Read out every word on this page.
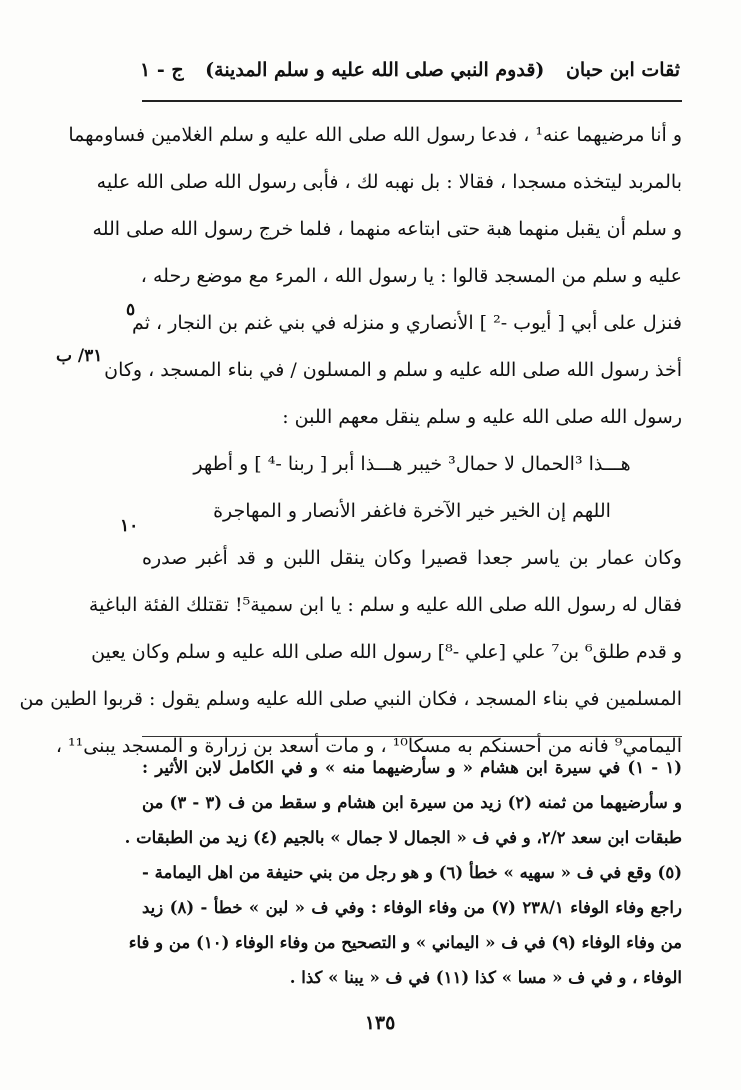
ثقات ابن حبان
(قدوم النبي صلى الله عليه و سلم المدينة)
ج - ١
و أنا مرضيهما عنه¹ ، فدعا رسول الله صلى الله عليه و سلم الغلامين فساومهما
بالمربد ليتخذه مسجدا ، فقالا : بل نهبه لك ، فأبى رسول الله صلى الله عليه
و سلم أن يقبل منهما هبة حتى ابتاعه منهما ، فلما خرج رسول الله صلى الله
عليه و سلم من المسجد قالوا : يا رسول الله ، المرء مع موضع رحله ،
فنزل على أبي [ أيوب -² ] الأنصاري و منزله في بني غنم بن النجار ، ثم
أخذ رسول الله صلى الله عليه و سلم و المسلون / في بناء المسجد ، وكان
رسول الله صلى الله عليه و سلم ينقل معهم اللبن :
هـــذا ³الحمال لا حمال³ خيبر هـــذا أبر [ ربنا -⁴ ] و أطهر
اللهم إن الخير خير الآخرة فاغفر الأنصار و المهاجرة
وكان عمار بن ياسر جعدا قصيرا وكان ينقل اللبن و قد أغبر صدره
فقال له رسول الله صلى الله عليه و سلم : يا ابن سمية⁵! تقتلك الفئة الباغية
و قدم طلق⁶ بن⁷ علي [علي -⁸] رسول الله صلى الله عليه و سلم وكان يعين
المسلمين في بناء المسجد ، فكان النبي صلى الله عليه وسلم يقول : قربوا الطين من
اليمامي⁹ فانه من أحسنكم به مسكا¹⁰ ، و مات أسعد بن زرارة و المسجد يبنى¹¹ ،
٥
١٠
٣١/ ب
(١ - ١) في سيرة ابن هشام « و سأرضيهما منه » و في الكامل لابن الأثير :
و سأرضيهما من ثمنه (٢) زيد من سيرة ابن هشام و سقط من ف (٣ - ٣) من
طبقات ابن سعد ٢/٢، و في ف « الجمال لا جمال » بالجيم (٤) زيد من الطبقات .
(٥) وقع في ف « سهيه » خطأ (٦) و هو رجل من بني حنيفة من اهل اليمامة -
راجع وفاء الوفاء ٢٣٨/١ (٧) من وفاء الوفاء : وفي ف « لبن » خطأ - (٨) زيد
من وفاء الوفاء (٩) في ف « اليماني » و التصحيح من وفاء الوفاء (١٠) من و فاء
الوفاء ، و في ف « مسا » كذا (١١) في ف « يبنا » كذا .
١٣٥
